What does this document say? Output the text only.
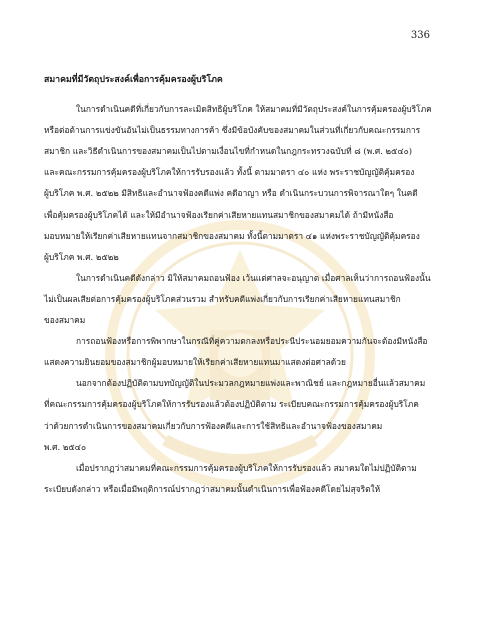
336
สมาคมที่มีวัตถุประสงค์เพื่อการคุ้มครองผู้บริโภค
ในการดำเนินคดีที่เกี่ยวกับการละเมิดสิทธิผู้บริโภค ให้สมาคมที่มีวัตถุประสงค์ในการคุ้มครองผู้บริโภค
หรือต่อต้านการแข่งขันอันไม่เป็นธรรมทางการค้า ซึ่งมีข้อบังคับของสมาคมในส่วนที่เกี่ยวกับคณะกรรมการ
สมาชิก และวิธีดำเนินการของสมาคมเป็นไปตามเงื่อนไขที่กำหนดในกฎกระทรวงฉบับที่ ๘ (พ.ศ. ๒๕๔๐)
และคณะกรรมการคุ้มครองผู้บริโภคให้การรับรองแล้ว ทั้งนี้ ตามมาตรา ๔๐ แห่ง พระราชบัญญัติคุ้มครอง
ผู้บริโภค พ.ศ. ๒๕๒๒ มีสิทธิและอำนาจฟ้องคดีแพ่ง คดีอาญา หรือ ดำเนินกระบวนการพิจารณาใดๆ ในคดี
เพื่อคุ้มครองผู้บริโภคได้ และให้มีอำนาจฟ้องเรียกค่าเสียหายแทนสมาชิกของสมาคมได้ ถ้ามีหนังสือ
มอบหมายให้เรียกค่าเสียหายแทนจากสมาชิกของสมาคม ทั้งนี้ตามมาตรา ๔๑ แห่งพระราชบัญญัติคุ้มครอง
ผู้บริโภค พ.ศ. ๒๕๒๒
ในการดำเนินคดีดังกล่าว มิให้สมาคมถอนฟ้อง เว้นแต่ศาลจะอนุญาต เมื่อศาลเห็นว่าการถอนฟ้องนั้น
ไม่เป็นผลเสียต่อการคุ้มครองผู้บริโภคส่วนรวม สำหรับคดีแพ่งเกี่ยวกับการเรียกค่าเสียหายแทนสมาชิก
ของสมาคม
การถอนฟ้องหรือการพิพากษาในกรณีที่คู่ความตกลงหรือประนีประนอมยอมความกันจะต้องมีหนังสือ
แสดงความยินยอมของสมาชิกผู้มอบหมายให้เรียกค่าเสียหายแทนมาแสดงต่อศาลด้วย
นอกจากต้องปฏิบัติตามบทบัญญัติในประมวลกฎหมายแพ่งและพาณิชย์ และกฎหมายอื่นแล้วสมาคม
ที่คณะกรรมการคุ้มครองผู้บริโภคให้การรับรองแล้วต้องปฏิบัติตาม ระเบียบคณะกรรมการคุ้มครองผู้บริโภค
ว่าด้วยการดำเนินการของสมาคมเกี่ยวกับการฟ้องคดีและการใช้สิทธิและอำนาจฟ้องของสมาคม
พ.ศ. ๒๕๔๐
เมื่อปรากฏว่าสมาคมที่คณะกรรมการคุ้มครองผู้บริโภคให้การรับรองแล้ว สมาคมใดไม่ปฏิบัติตาม
ระเบียบดังกล่าว หรือเมื่อมีพฤติการณ์ปรากฏว่าสมาคมนั้นดำเนินการเพื่อฟ้องคดีโดยไม่สุจริตให้
